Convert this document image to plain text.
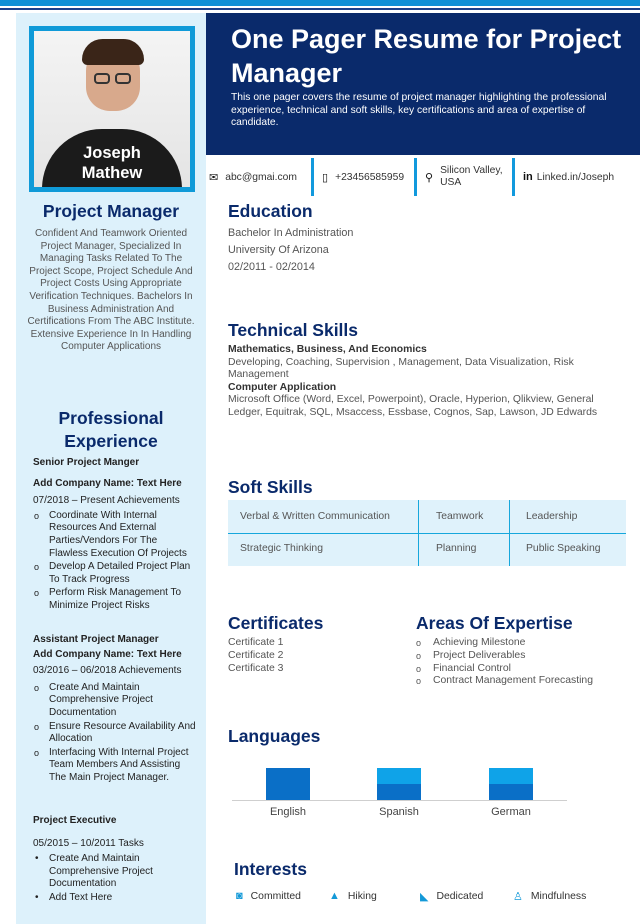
One Pager Resume for Project Manager
This one pager covers the resume of project manager highlighting the professional experience, technical and soft skills, key certifications and area of expertise of candidate.
Joseph
Mathew
Project Manager
Confident And Teamwork Oriented Project Manager, Specialized In Managing Tasks Related To The Project Scope, Project Schedule And Project Costs Using Appropriate Verification Techniques. Bachelors In Business Administration And Certifications From The ABC Institute. Extensive Experience In In Handling Computer Applications
Professional
Experience
Senior Project Manger
Add Company Name: Text Here
07/2018 – Present Achievements
o Coordinate With Internal Resources And External Parties/Vendors For The Flawless Execution Of Projects
o Develop A Detailed Project Plan To Track Progress
o Perform Risk Management To Minimize Project Risks
Assistant Project Manager
Add Company Name: Text Here
03/2016 – 06/2018 Achievements
o Create And Maintain Comprehensive Project Documentation
o Ensure Resource Availability And Allocation
o Interfacing With Internal Project Team Members And Assisting The Main Project Manager.
Project Executive
05/2015 – 10/2011 Tasks
• Create And Maintain Comprehensive Project Documentation
• Add Text Here
✉ abc@gmai.com ▯ +23456585959 ⚲
Silicon Valley,
USA	in Linked.in/Joseph
Education
Bachelor In Administration
University Of Arizona
02/2011 - 02/2014
Technical Skills
Mathematics, Business, And Economics
Developing, Coaching, Supervision , Management, Data Visualization, Risk Management
Computer Application
Microsoft Office (Word, Excel, Powerpoint), Oracle, Hyperion, Qlikview, General Ledger, Equitrak, SQL, Msaccess, Essbase, Cognos, Sap, Lawson, JD Edwards
Soft Skills
Verbal & Written Communication	Teamwork	Leadership
Strategic Thinking	Planning	Public Speaking
Certificates
Certificate 1
Certificate 2
Certificate 3
Areas Of Expertise
o Achieving Milestone
o Project Deliverables
o Financial Control
o Contract Management Forecasting
Languages
English	Spanish	German
Interests
◙ Committed	▲ Hiking	◣ Dedicated	♙ Mindfulness
